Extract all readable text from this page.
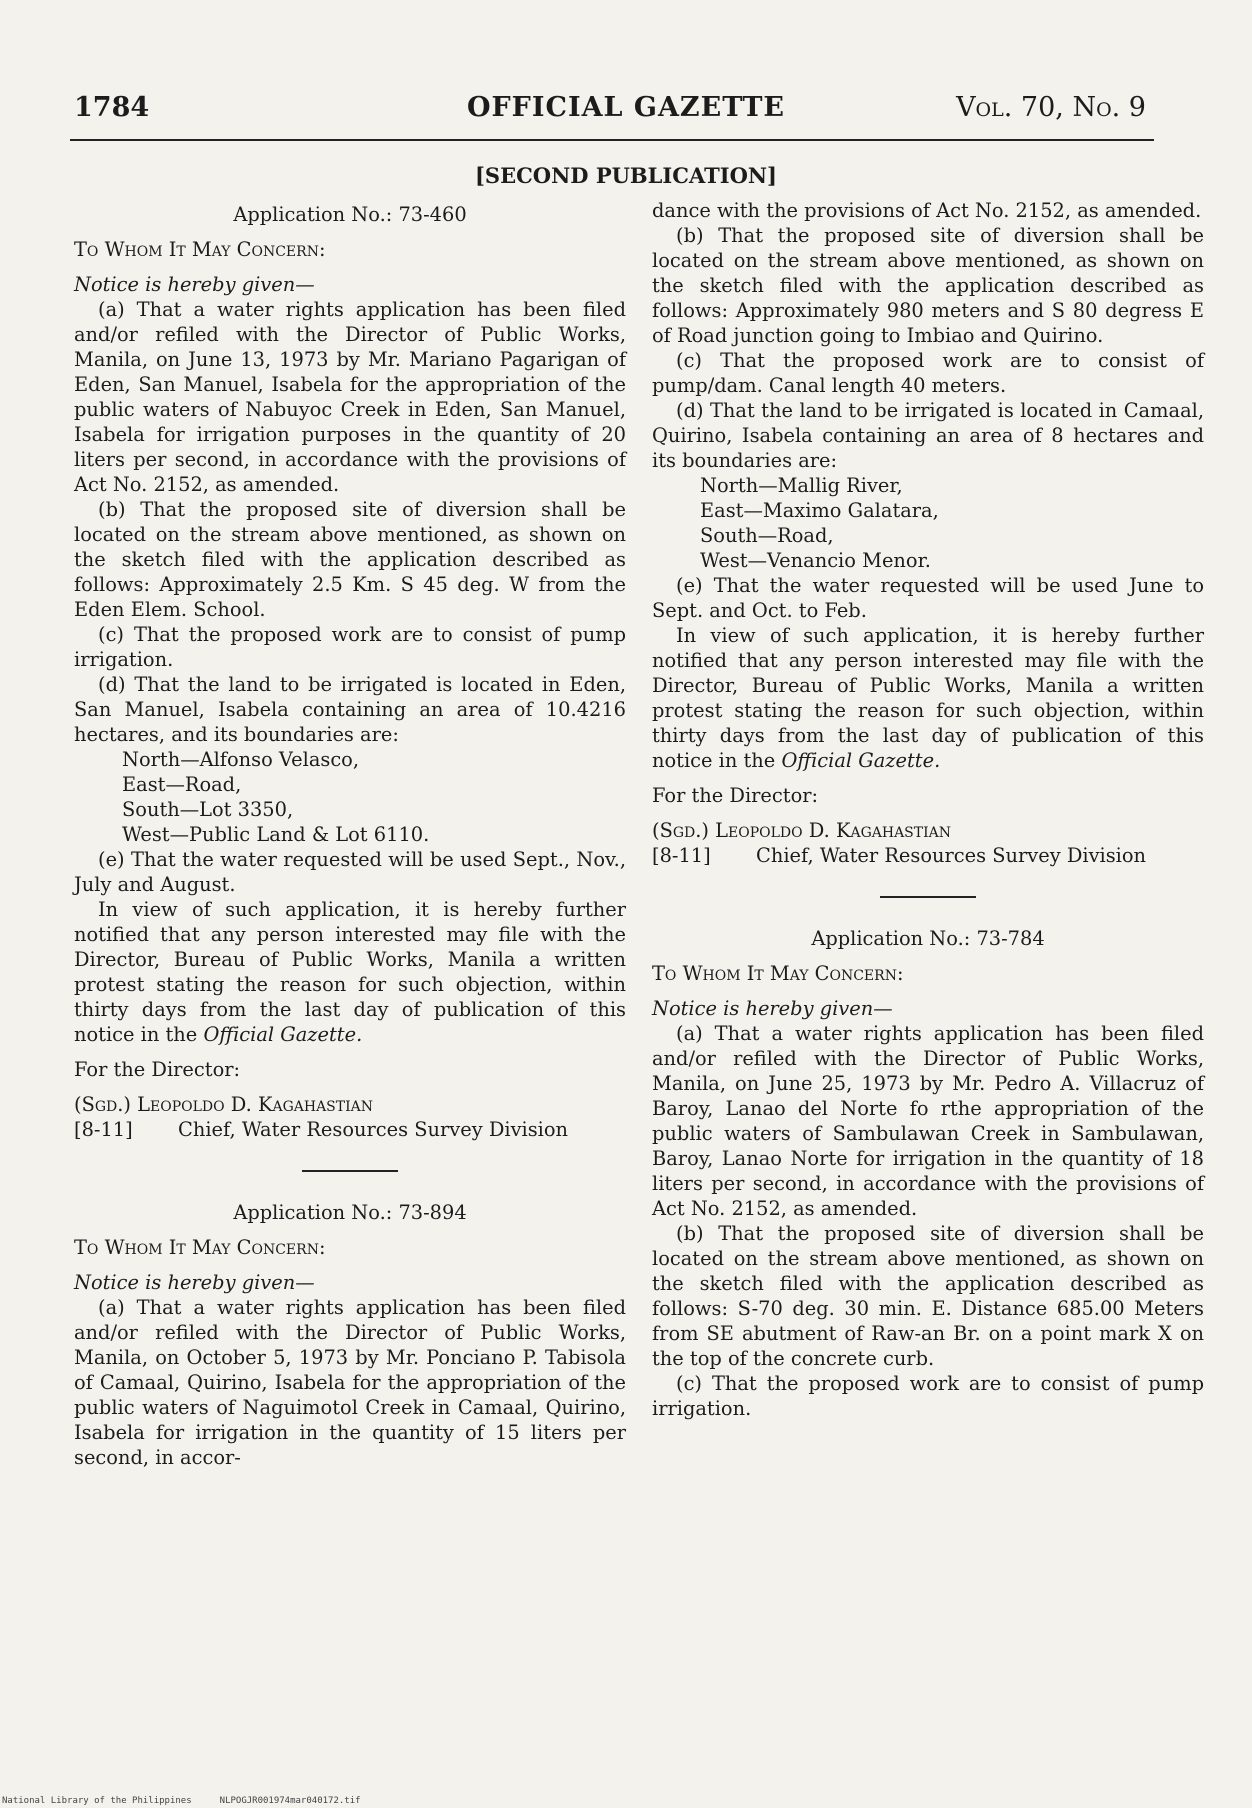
1784	OFFICIAL GAZETTE	Vol. 70, No. 9
[SECOND PUBLICATION]

Application No.: 73-460

To Whom It May Concern:

Notice is hereby given—

(a) That a water rights application has been filed and/or refiled with the Director of Public Works, Manila, on June 13, 1973 by Mr. Mariano Pagarigan of Eden, San Manuel, Isabela for the appropriation of the public waters of Nabuyoc Creek in Eden, San Manuel, Isabela for irrigation purposes in the quantity of 20 liters per second, in accordance with the provisions of Act No. 2152, as amended.

(b) That the proposed site of diversion shall be located on the stream above mentioned, as shown on the sketch filed with the application described as follows: Approximately 2.5 Km. S 45 deg. W from the Eden Elem. School.

(c) That the proposed work are to consist of pump irrigation.

(d) That the land to be irrigated is located in Eden, San Manuel, Isabela containing an area of 10.4216 hectares, and its boundaries are:

North—Alfonso Velasco,

East—Road,

South—Lot 3350,

West—Public Land & Lot 6110.

(e) That the water requested will be used Sept., Nov., July and August.

In view of such application, it is hereby further notified that any person interested may file with the Director, Bureau of Public Works, Manila a written protest stating the reason for such objection, within thirty days from the last day of publication of this notice in the Official Gazette.

For the Director:

(Sgd.) Leopoldo D. Kagahastian

[8-11] Chief, Water Resources Survey Division

Application No.: 73-894

To Whom It May Concern:

Notice is hereby given—

(a) That a water rights application has been filed and/or refiled with the Director of Public Works, Manila, on October 5, 1973 by Mr. Ponciano P. Tabisola of Camaal, Quirino, Isabela for the appropriation of the public waters of Naguimotol Creek in Camaal, Quirino, Isabela for irrigation in the quantity of 15 liters per second, in accor-

dance with the provisions of Act No. 2152, as amended.

(b) That the proposed site of diversion shall be located on the stream above mentioned, as shown on the sketch filed with the application described as follows: Approximately 980 meters and S 80 degress E of Road junction going to Imbiao and Quirino.

(c) That the proposed work are to consist of pump/dam. Canal length 40 meters.

(d) That the land to be irrigated is located in Camaal, Quirino, Isabela containing an area of 8 hectares and its boundaries are:

North—Mallig River,

East—Maximo Galatara,

South—Road,

West—Venancio Menor.

(e) That the water requested will be used June to Sept. and Oct. to Feb.

In view of such application, it is hereby further notified that any person interested may file with the Director, Bureau of Public Works, Manila a written protest stating the reason for such objection, within thirty days from the last day of publication of this notice in the Official Gazette.

For the Director:

(Sgd.) Leopoldo D. Kagahastian

[8-11] Chief, Water Resources Survey Division

Application No.: 73-784

To Whom It May Concern:

Notice is hereby given—

(a) That a water rights application has been filed and/or refiled with the Director of Public Works, Manila, on June 25, 1973 by Mr. Pedro A. Villacruz of Baroy, Lanao del Norte fo rthe appropriation of the public waters of Sambulawan Creek in Sambulawan, Baroy, Lanao Norte for irrigation in the quantity of 18 liters per second, in accordance with the provisions of Act No. 2152, as amended.

(b) That the proposed site of diversion shall be located on the stream above mentioned, as shown on the sketch filed with the application described as follows: S-70 deg. 30 min. E. Distance 685.00 Meters from SE abutment of Raw-an Br. on a point mark X on the top of the concrete curb.

(c) That the proposed work are to consist of pump irrigation.

National Library of the Philippines	NLPOGJR001974mar040172.tif
